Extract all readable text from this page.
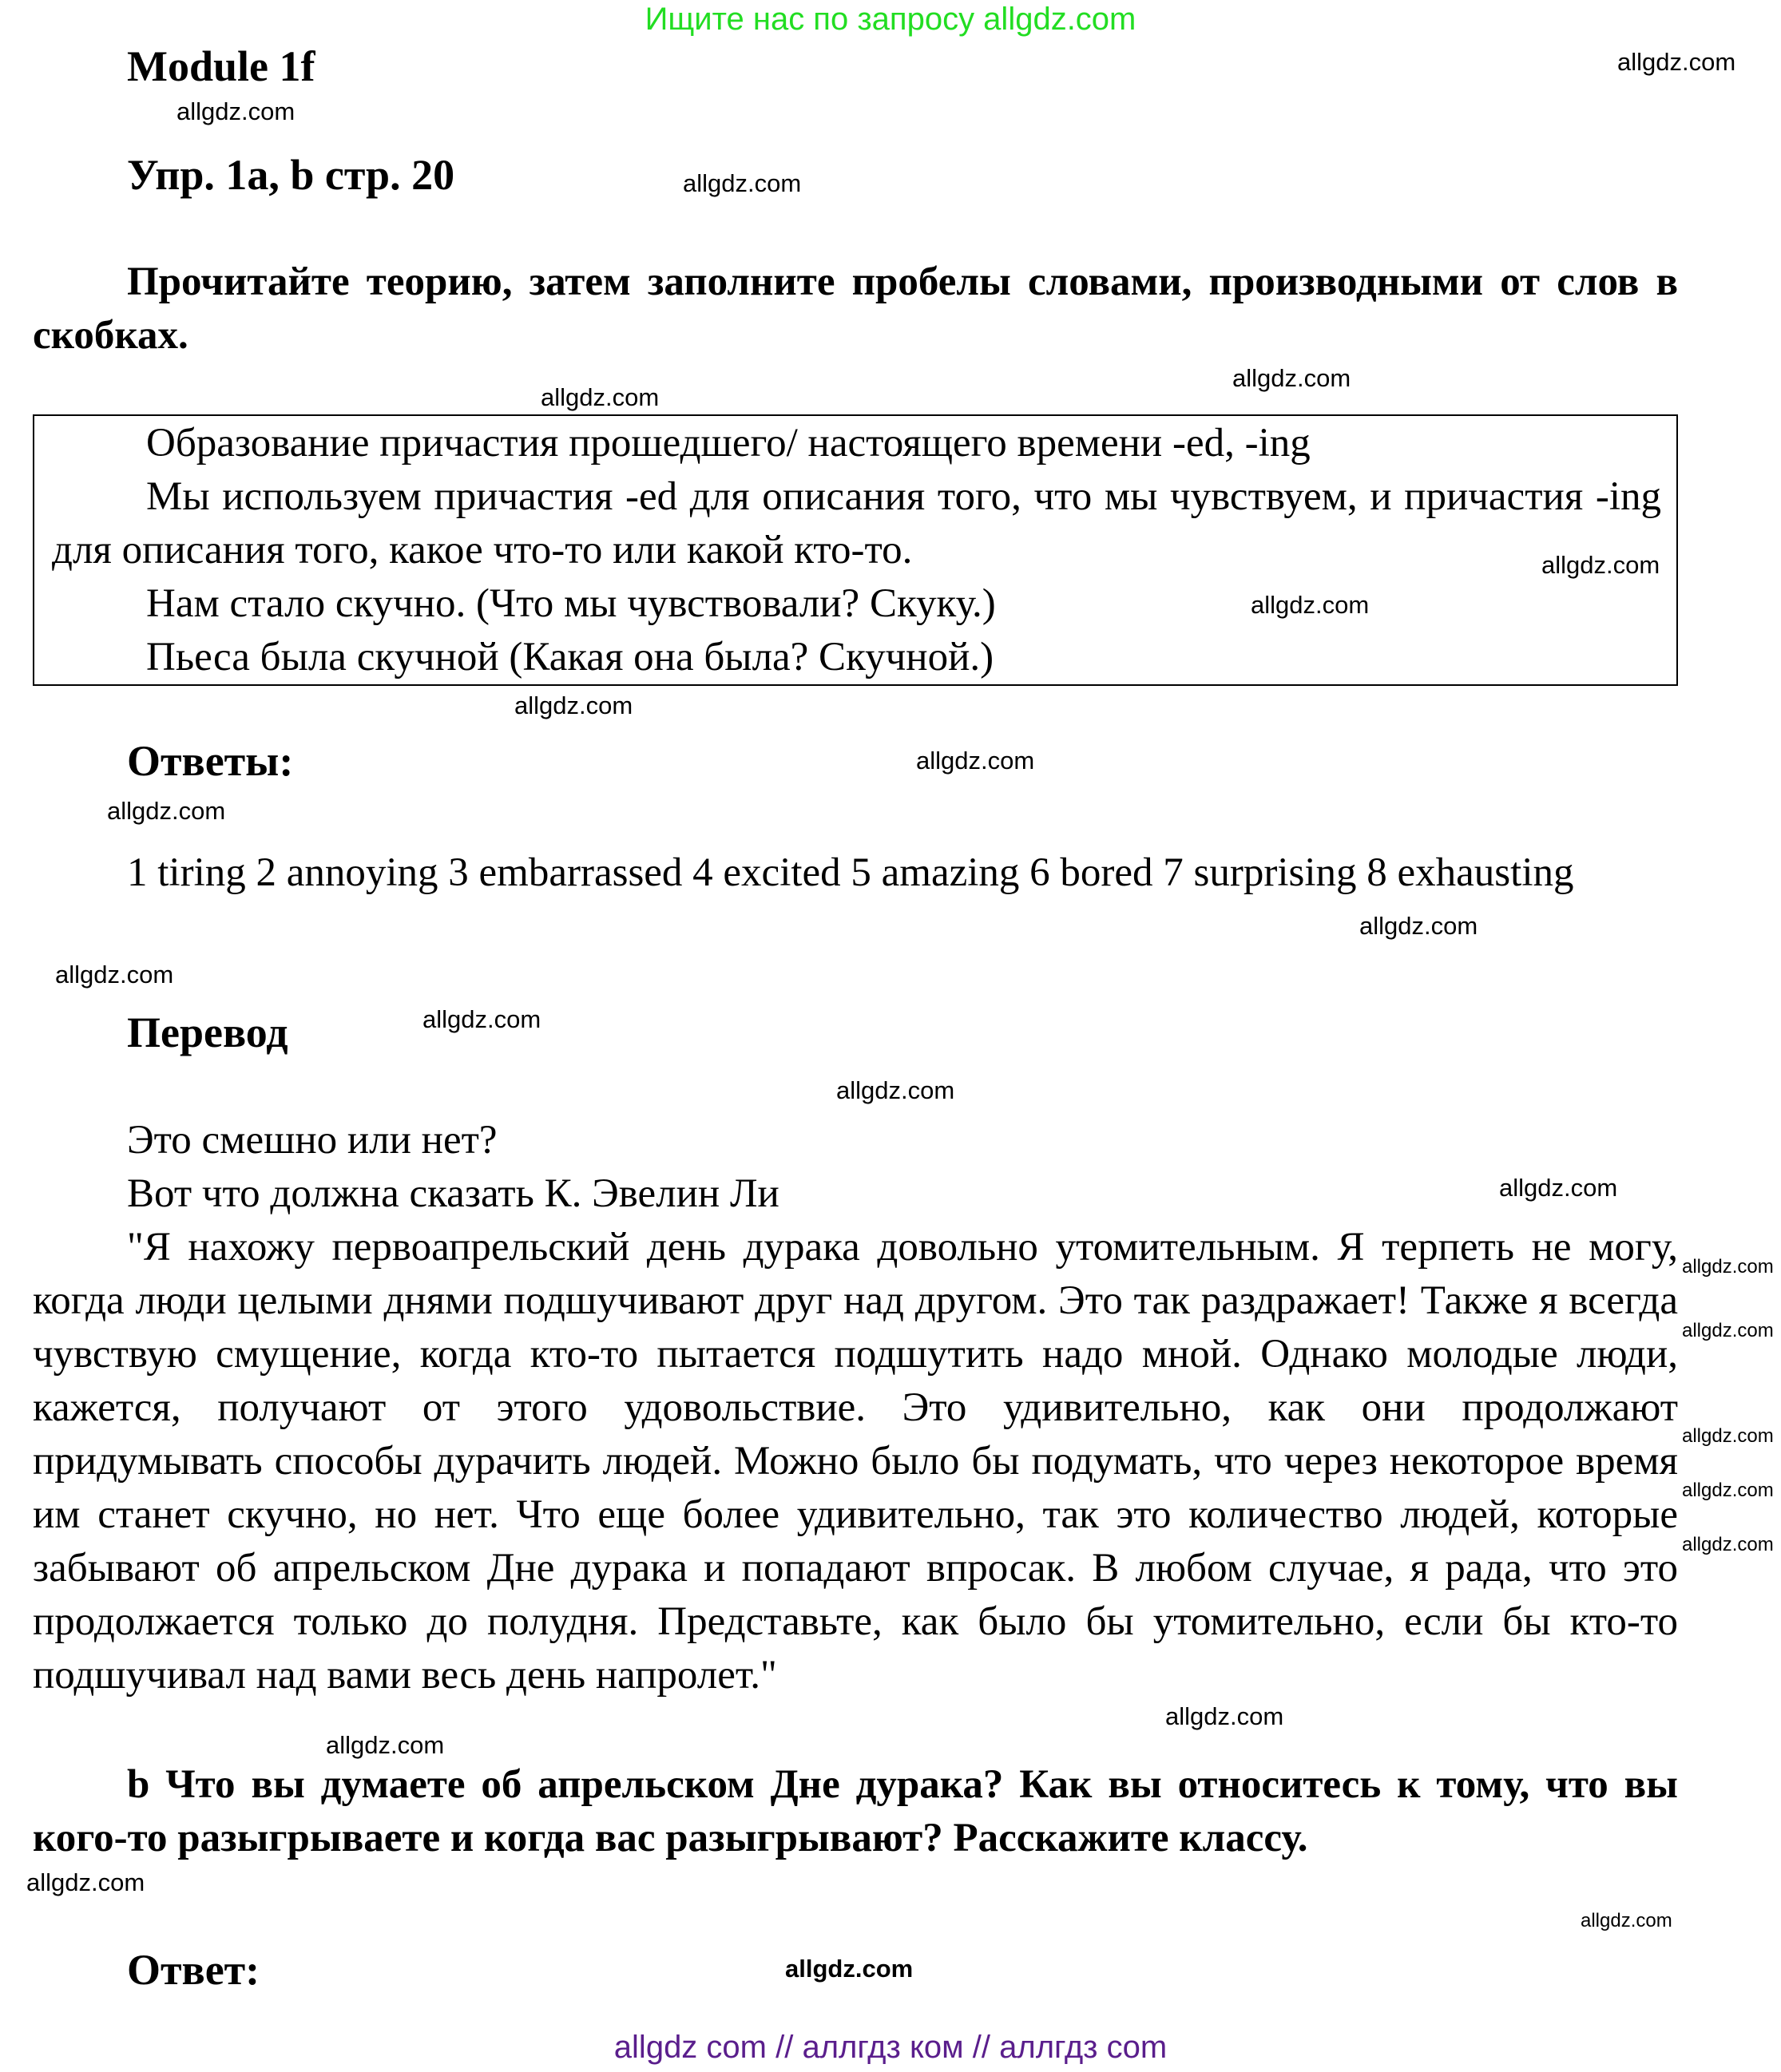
Ищите нас по запросу allgdz.com
Module 1f
Упр. 1a, b стр. 20
Прочитайте теорию, затем заполните пробелы словами, производными от слов в скобках.
Образование причастия прошедшего/ настоящего времени -ed, -ing
Мы используем причастия -ed для описания того, что мы чувствуем, и причастия -ing для описания того, какое что-то или какой кто-то.
Нам стало скучно. (Что мы чувствовали? Скуку.)
Пьеса была скучной (Какая она была? Скучной.)
Ответы:
1 tiring 2 annoying 3 embarrassed 4 excited 5 amazing 6 bored 7 surprising 8 exhausting
Перевод
Это смешно или нет?
Вот что должна сказать К. Эвелин Ли
"Я нахожу первоапрельский день дурака довольно утомительным. Я терпеть не могу, когда люди целыми днями подшучивают друг над другом. Это так раздражает! Также я всегда чувствую смущение, когда кто-то пытается подшутить надо мной. Однако молодые люди, кажется, получают от этого удовольствие. Это удивительно, как они продолжают придумывать способы дурачить людей. Можно было бы подумать, что через некоторое время им станет скучно, но нет. Что еще более удивительно, так это количество людей, которые забывают об апрельском Дне дурака и попадают впросак. В любом случае, я рада, что это продолжается только до полудня. Представьте, как было бы утомительно, если бы кто-то подшучивал над вами весь день напролет."
allgdz.com
allgdz.com
b Что вы думаете об апрельском Дне дурака? Как вы относитесь к тому, что вы кого-то разыгрываете и когда вас разыгрывают? Расскажите классу.
allgdz.com
allgdz.com
Ответ:	allgdz.com
allgdz com // аллгдз ком // аллгдз com
allgdz.com
allgdz.com
allgdz.com
allgdz.com
allgdz.com
allgdz.com
allgdz.com
allgdz.com
allgdz.com
allgdz.com
allgdz.com
allgdz.com
allgdz.com
allgdz.com
allgdz.com
allgdz.com
allgdz.com
allgdz.com
allgdz.com
allgdz.com
